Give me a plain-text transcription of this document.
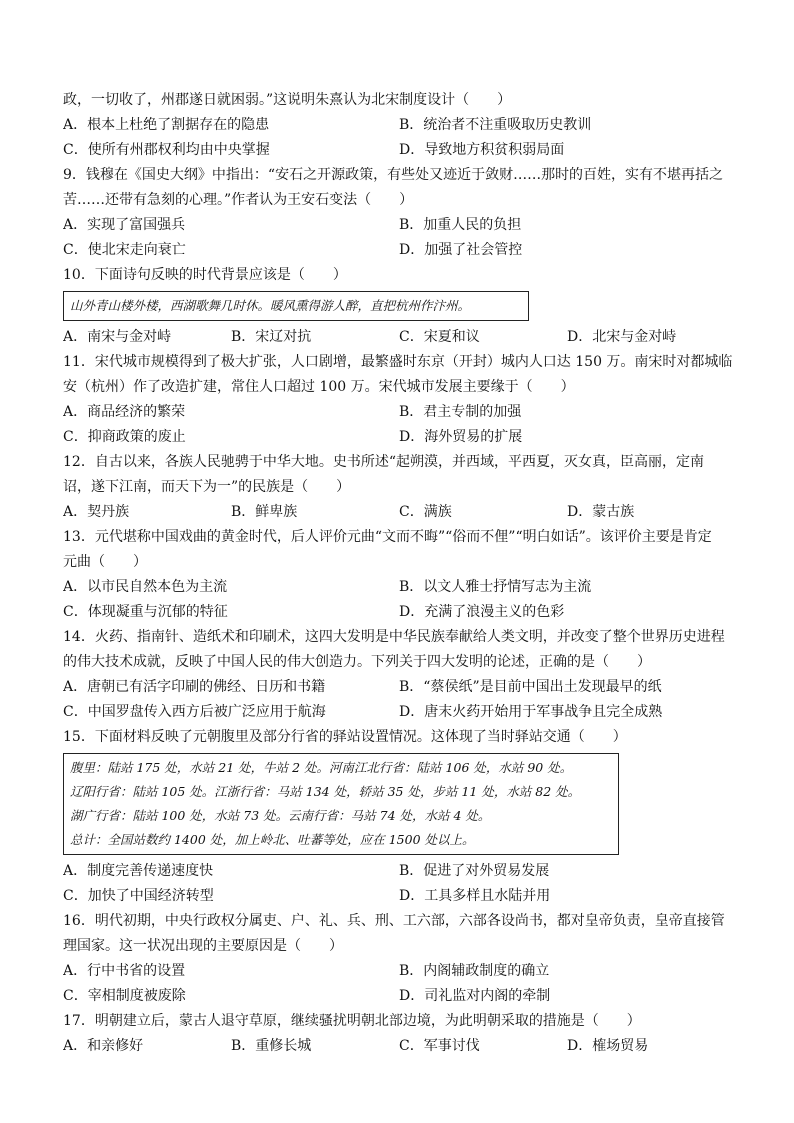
政，一切收了，州郡遂日就困弱。”这说明朱熹认为北宋制度设计（　　）
A．根本上杜绝了割据存在的隐患	B．统治者不注重吸取历史教训
C．使所有州郡权利均由中央掌握	D．导致地方积贫积弱局面
9．钱穆在《国史大纲》中指出：“安石之开源政策，有些处又迹近于敛财……那时的百姓，实有不堪再括之
苦……还带有急刻的心理。”作者认为王安石变法（　　）
A．实现了富国强兵	B．加重人民的负担
C．使北宋走向衰亡	D．加强了社会管控
10．下面诗句反映的时代背景应该是（　　）
山外青山楼外楼，西湖歌舞几时休。暖风熏得游人醉，直把杭州作汴州。
A．南宋与金对峙	B．宋辽对抗	C．宋夏和议	D．北宋与金对峙
11．宋代城市规模得到了极大扩张，人口剧增，最繁盛时东京（开封）城内人口达 150 万。南宋时对都城临
安（杭州）作了改造扩建，常住人口超过 100 万。宋代城市发展主要缘于（　　）
A．商品经济的繁荣	B．君主专制的加强
C．抑商政策的废止	D．海外贸易的扩展
12．自古以来，各族人民驰骋于中华大地。史书所述“起朔漠，并西域，平西夏，灭女真，臣高丽，定南
诏，遂下江南，而天下为一”的民族是（　　）
A．契丹族	B．鲜卑族	C．满族	D．蒙古族
13．元代堪称中国戏曲的黄金时代，后人评价元曲“文而不晦”“俗而不俚”“明白如话”。该评价主要是肯定
元曲（　　）
A．以市民自然本色为主流	B．以文人雅士抒情写志为主流
C．体现凝重与沉郁的特征	D．充满了浪漫主义的色彩
14．火药、指南针、造纸术和印刷术，这四大发明是中华民族奉献给人类文明，并改变了整个世界历史进程
的伟大技术成就，反映了中国人民的伟大创造力。下列关于四大发明的论述，正确的是（　　）
A．唐朝已有活字印刷的佛经、日历和书籍	B．“蔡侯纸”是目前中国出土发现最早的纸
C．中国罗盘传入西方后被广泛应用于航海	D．唐末火药开始用于军事战争且完全成熟
15．下面材料反映了元朝腹里及部分行省的驿站设置情况。这体现了当时驿站交通（　　）
腹里：陆站 175 处，水站 21 处，牛站 2 处。河南江北行省：陆站 106 处，水站 90 处。
辽阳行省：陆站 105 处。江浙行省：马站 134 处，轿站 35 处，步站 11 处，水站 82 处。
湖广行省：陆站 100 处，水站 73 处。云南行省：马站 74 处，水站 4 处。
总计：全国站数约 1400 处，加上岭北、吐蕃等处，应在 1500 处以上。
A．制度完善传递速度快	B．促进了对外贸易发展
C．加快了中国经济转型	D．工具多样且水陆并用
16．明代初期，中央行政权分属吏、户、礼、兵、刑、工六部，六部各设尚书，都对皇帝负责，皇帝直接管
理国家。这一状况出现的主要原因是（　　）
A．行中书省的设置	B．内阁辅政制度的确立
C．宰相制度被废除	D．司礼监对内阁的牵制
17．明朝建立后，蒙古人退守草原，继续骚扰明朝北部边境，为此明朝采取的措施是（　　）
A．和亲修好	B．重修长城	C．军事讨伐	D．榷场贸易
